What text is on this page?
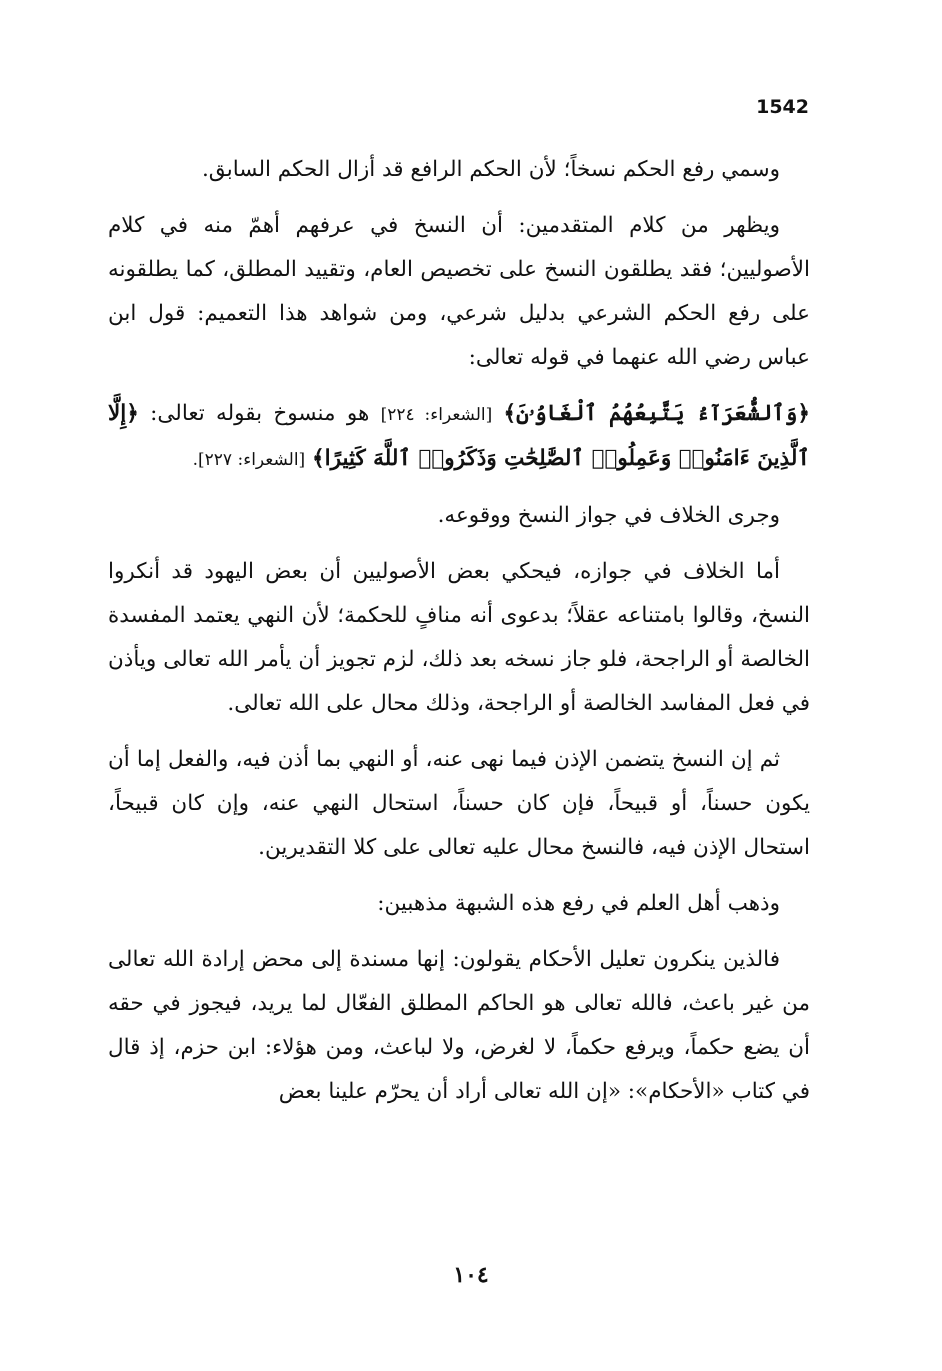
1542

وسمي رفع الحكم نسخاً؛ لأن الحكم الرافع قد أزال الحكم السابق.

ويظهر من كلام المتقدمين: أن النسخ في عرفهم أهمّ منه في كلام الأصوليين؛ فقد يطلقون النسخ على تخصيص العام، وتقييد المطلق، كما يطلقونه على رفع الحكم الشرعي بدليل شرعي، ومن شواهد هذا التعميم: قول ابن عباس رضي الله عنهما في قوله تعالى:

﴿وَٱلشُّعَرَآءُ يَتَّبِعُهُمُ ٱلْغَاوُۥنَ﴾ [الشعراء: ٢٢٤] هو منسوخ بقوله تعالى: ﴿إِلَّا ٱلَّذِينَ ءَامَنُوا۟ وَعَمِلُوا۟ ٱلصَّٰلِحَٰتِ وَذَكَرُوا۟ ٱللَّهَ كَثِيرًا﴾ [الشعراء: ٢٢٧].

وجرى الخلاف في جواز النسخ ووقوعه.

أما الخلاف في جوازه، فيحكي بعض الأصوليين أن بعض اليهود قد أنكروا النسخ، وقالوا بامتناعه عقلاً؛ بدعوى أنه منافٍ للحكمة؛ لأن النهي يعتمد المفسدة الخالصة أو الراجحة، فلو جاز نسخه بعد ذلك، لزم تجويز أن يأمر الله تعالى ويأذن في فعل المفاسد الخالصة أو الراجحة، وذلك محال على الله تعالى.

ثم إن النسخ يتضمن الإذن فيما نهى عنه، أو النهي بما أذن فيه، والفعل إما أن يكون حسناً، أو قبيحاً، فإن كان حسناً، استحال النهي عنه، وإن كان قبيحاً، استحال الإذن فيه، فالنسخ محال عليه تعالى على كلا التقديرين.

وذهب أهل العلم في رفع هذه الشبهة مذهبين:

فالذين ينكرون تعليل الأحكام يقولون: إنها مسندة إلى محض إرادة الله تعالى من غير باعث، فالله تعالى هو الحاكم المطلق الفعّال لما يريد، فيجوز في حقه أن يضع حكماً، ويرفع حكماً، لا لغرض، ولا لباعث، ومن هؤلاء: ابن حزم، إذ قال في كتاب «الأحكام»: «إن الله تعالى أراد أن يحرّم علينا بعض

١٠٤
